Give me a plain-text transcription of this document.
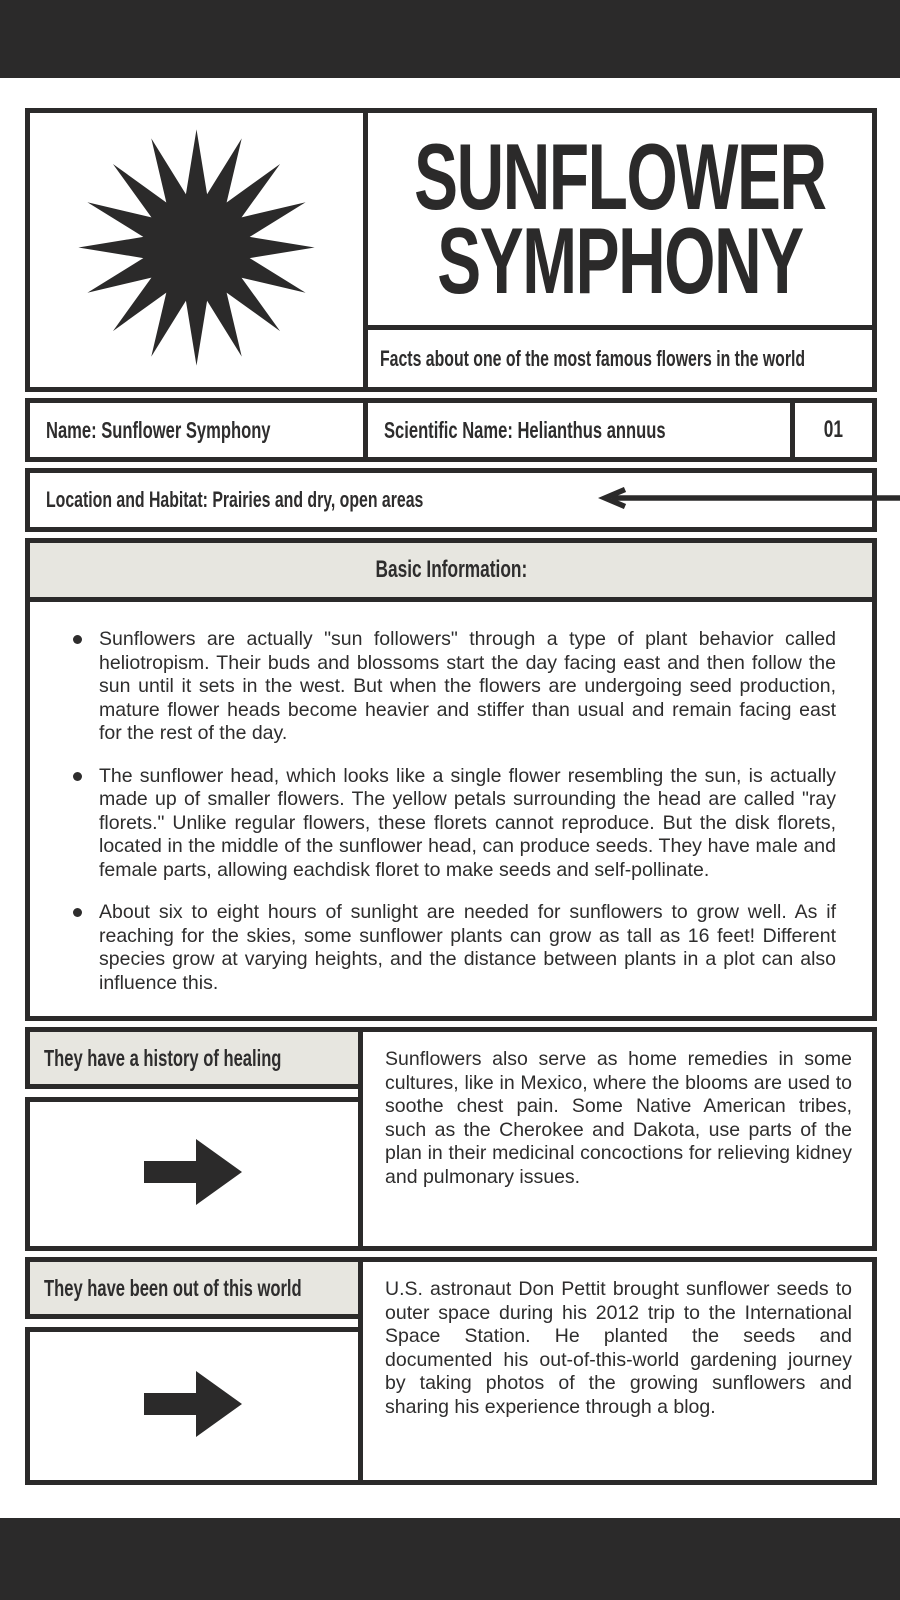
SUNFLOWER
SYMPHONY
Facts about one of the most famous flowers in the world
Name: Sunflower Symphony	Scientific Name: Helianthus annuus	01
Location and Habitat: Prairies and dry, open areas
Basic Information:
Sunflowers are actually "sun followers" through a type of plant behavior called heliotropism. Their buds and blossoms start the day facing east and then follow the sun until it sets in the west. But when the flowers are undergoing seed production, mature flower heads become heavier and stiffer than usual and remain facing east for the rest of the day.
The sunflower head, which looks like a single flower resembling the sun, is actually made up of smaller flowers. The yellow petals surrounding the head are called "ray florets." Unlike regular flowers, these florets cannot reproduce. But the disk florets, located in the middle of the sunflower head, can produce seeds. They have male and female parts, allowing eachdisk floret to make seeds and self-pollinate.
About six to eight hours of sunlight are needed for sunflowers to grow well. As if reaching for the skies, some sunflower plants can grow as tall as 16 feet! Different species grow at varying heights, and the distance between plants in a plot can also influence this.
They have a history of healing	Sunflowers also serve as home remedies in some cultures, like in Mexico, where the blooms are used to soothe chest pain. Some Native American tribes, such as the Cherokee and Dakota, use parts of the plan in their medicinal concoctions for relieving kidney and pulmonary issues.
They have been out of this world	U.S. astronaut Don Pettit brought sunflower seeds to outer space during his 2012 trip to the International Space Station. He planted the seeds and documented his out-of-this-world gardening journey by taking photos of the growing sunflowers and sharing his experience through a blog.
